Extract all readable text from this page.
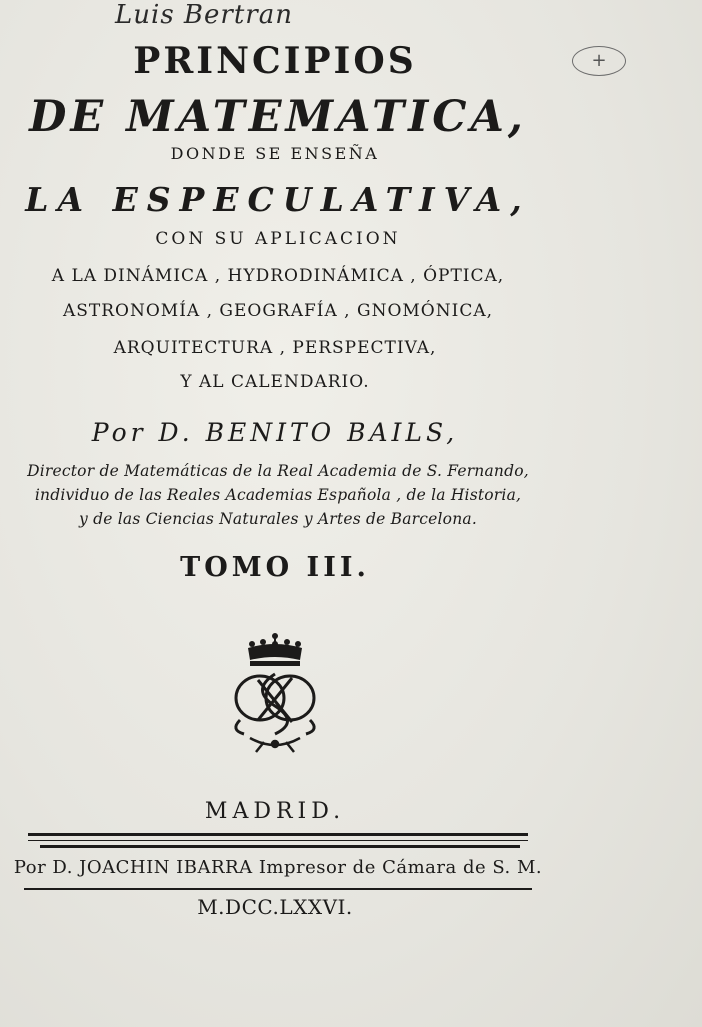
Luis Bertran
+
PRINCIPIOS
DE MATEMATICA,
DONDE SE ENSEÑA
LA ESPECULATIVA,
CON SU APLICACION
A LA DINÁMICA , HYDRODINÁMICA , ÓPTICA,
ASTRONOMÍA , GEOGRAFÍA , GNOMÓNICA,
ARQUITECTURA , PERSPECTIVA,
Y AL CALENDARIO.
Por D. BENITO BAILS,
Director de Matemáticas de la Real Academia de S. Fernando,
individuo de las Reales Academias Española , de la Historia,
y de las Ciencias Naturales y Artes de Barcelona.
TOMO III.
MADRID.
Por D. JOACHIN IBARRA Impresor de Cámara de S. M.
M.DCC.LXXVI.
